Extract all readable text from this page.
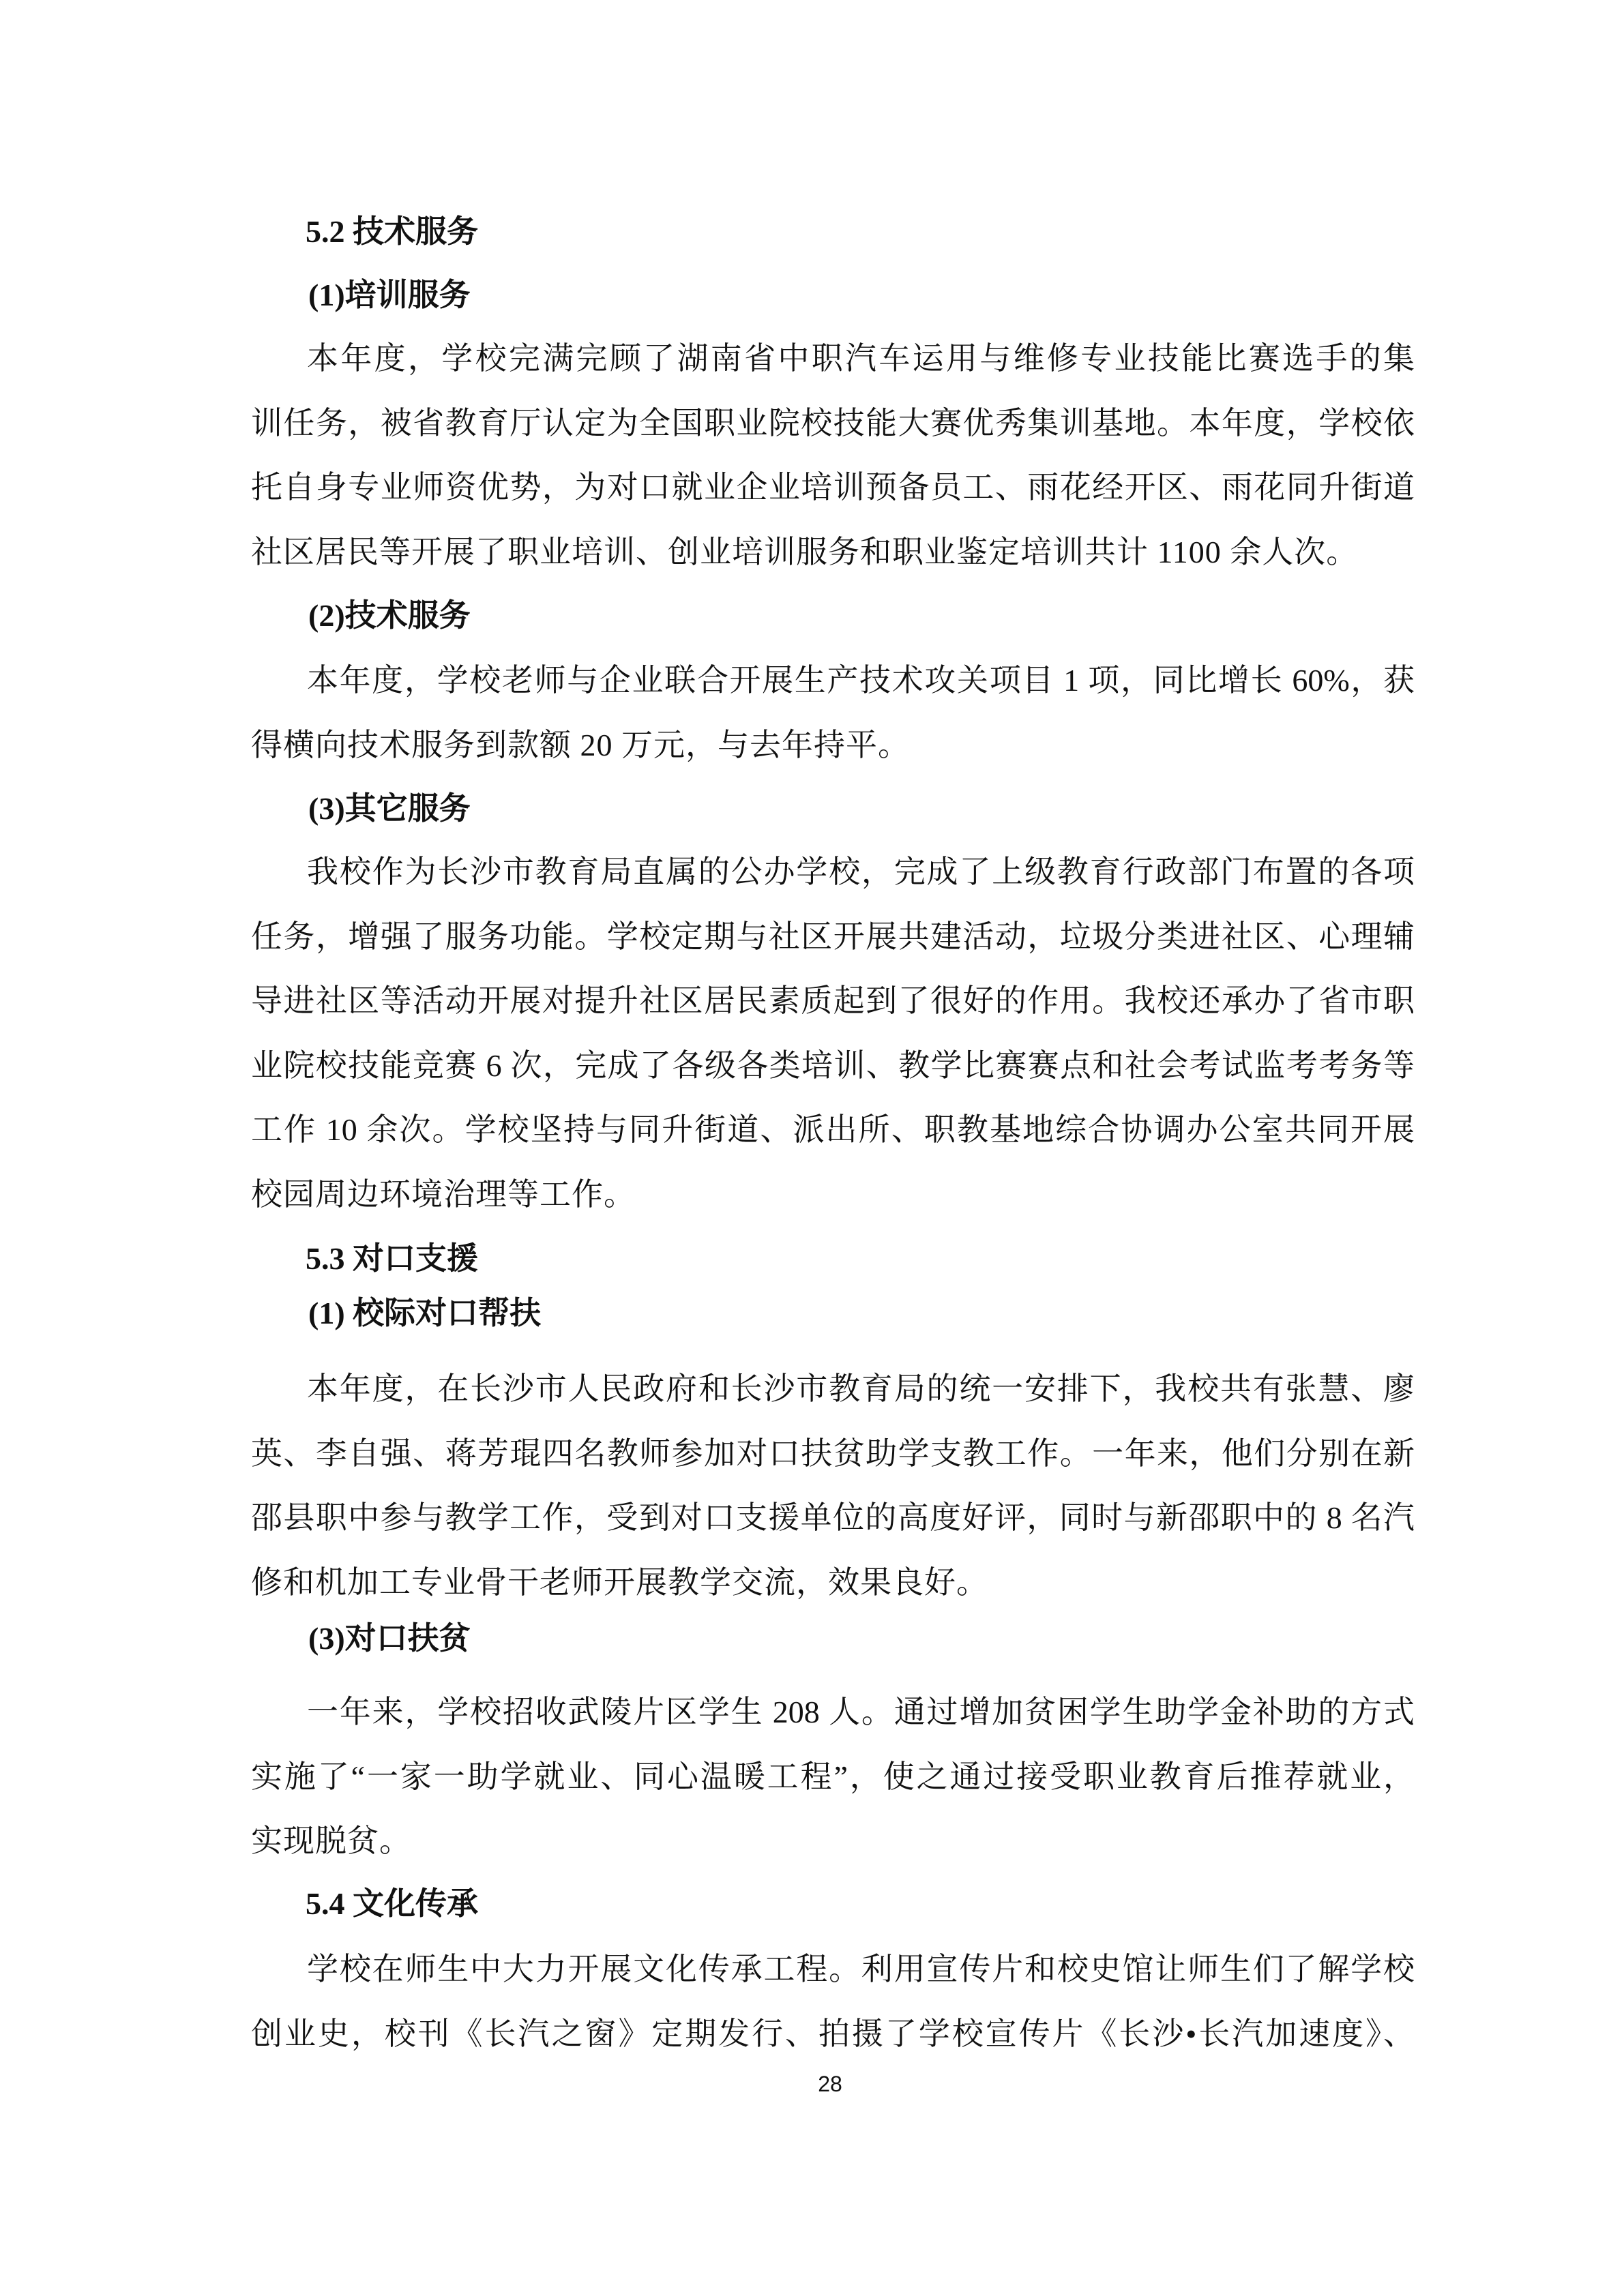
5.2 技术服务
(1)培训服务
本年度，学校完满完顾了湖南省中职汽车运用与维修专业技能比赛选手的集
训任务，被省教育厅认定为全国职业院校技能大赛优秀集训基地。本年度，学校依
托自身专业师资优势，为对口就业企业培训预备员工、雨花经开区、雨花同升街道
社区居民等开展了职业培训、创业培训服务和职业鉴定培训共计 1100 余人次。
(2)技术服务
本年度，学校老师与企业联合开展生产技术攻关项目 1 项，同比增长 60%，获
得横向技术服务到款额 20 万元，与去年持平。
(3)其它服务
我校作为长沙市教育局直属的公办学校，完成了上级教育行政部门布置的各项
任务，增强了服务功能。学校定期与社区开展共建活动，垃圾分类进社区、心理辅
导进社区等活动开展对提升社区居民素质起到了很好的作用。我校还承办了省市职
业院校技能竞赛 6 次，完成了各级各类培训、教学比赛赛点和社会考试监考考务等
工作 10 余次。学校坚持与同升街道、派出所、职教基地综合协调办公室共同开展
校园周边环境治理等工作。
5.3 对口支援
(1) 校际对口帮扶
本年度，在长沙市人民政府和长沙市教育局的统一安排下，我校共有张慧、廖
英、李自强、蒋芳琨四名教师参加对口扶贫助学支教工作。一年来，他们分别在新
邵县职中参与教学工作，受到对口支援单位的高度好评，同时与新邵职中的 8 名汽
修和机加工专业骨干老师开展教学交流，效果良好。
(3)对口扶贫
一年来，学校招收武陵片区学生 208 人。通过增加贫困学生助学金补助的方式
实施了“一家一助学就业、同心温暖工程”，使之通过接受职业教育后推荐就业，
实现脱贫。
5.4 文化传承
学校在师生中大力开展文化传承工程。利用宣传片和校史馆让师生们了解学校
创业史，校刊《长汽之窗》定期发行、拍摄了学校宣传片《长沙•长汽加速度》、
28
